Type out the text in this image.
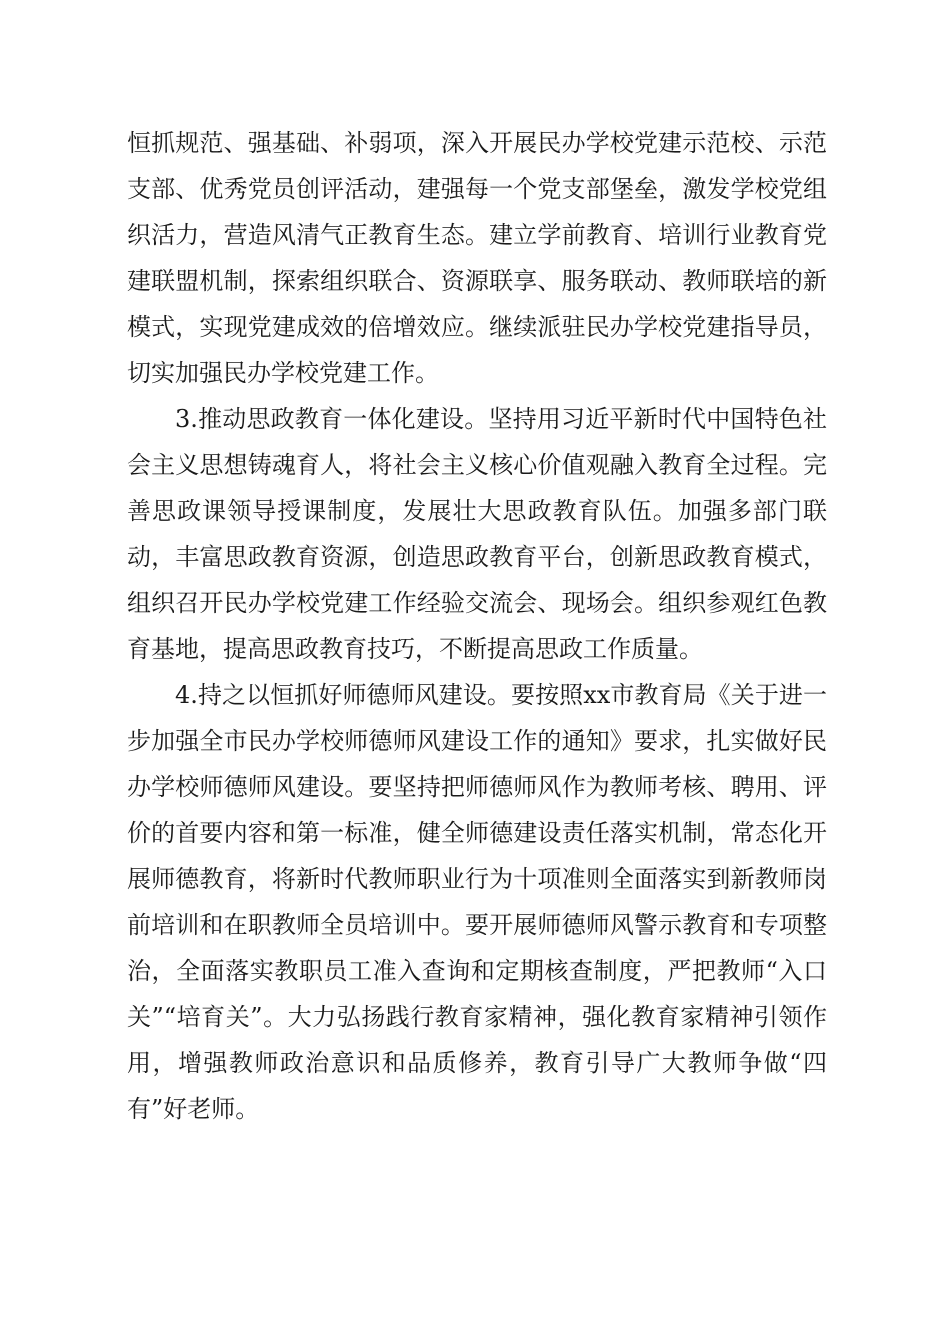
恒抓规范、强基础、补弱项，深入开展民办学校党建示范校、示范支部、优秀党员创评活动，建强每一个党支部堡垒，激发学校党组织活力，营造风清气正教育生态。建立学前教育、培训行业教育党建联盟机制，探索组织联合、资源联享、服务联动、教师联培的新模式，实现党建成效的倍增效应。继续派驻民办学校党建指导员，切实加强民办学校党建工作。

3.推动思政教育一体化建设。坚持用习近平新时代中国特色社会主义思想铸魂育人，将社会主义核心价值观融入教育全过程。完善思政课领导授课制度，发展壮大思政教育队伍。加强多部门联动，丰富思政教育资源，创造思政教育平台，创新思政教育模式，组织召开民办学校党建工作经验交流会、现场会。组织参观红色教育基地，提高思政教育技巧，不断提高思政工作质量。

4.持之以恒抓好师德师风建设。要按照xx市教育局《关于进一步加强全市民办学校师德师风建设工作的通知》要求，扎实做好民办学校师德师风建设。要坚持把师德师风作为教师考核、聘用、评价的首要内容和第一标准，健全师德建设责任落实机制，常态化开展师德教育，将新时代教师职业行为十项准则全面落实到新教师岗前培训和在职教师全员培训中。要开展师德师风警示教育和专项整治，全面落实教职员工准入查询和定期核查制度，严把教师“入口关”“培育关”。大力弘扬践行教育家精神，强化教育家精神引领作用，增强教师政治意识和品质修养，教育引导广大教师争做“四有”好老师。
